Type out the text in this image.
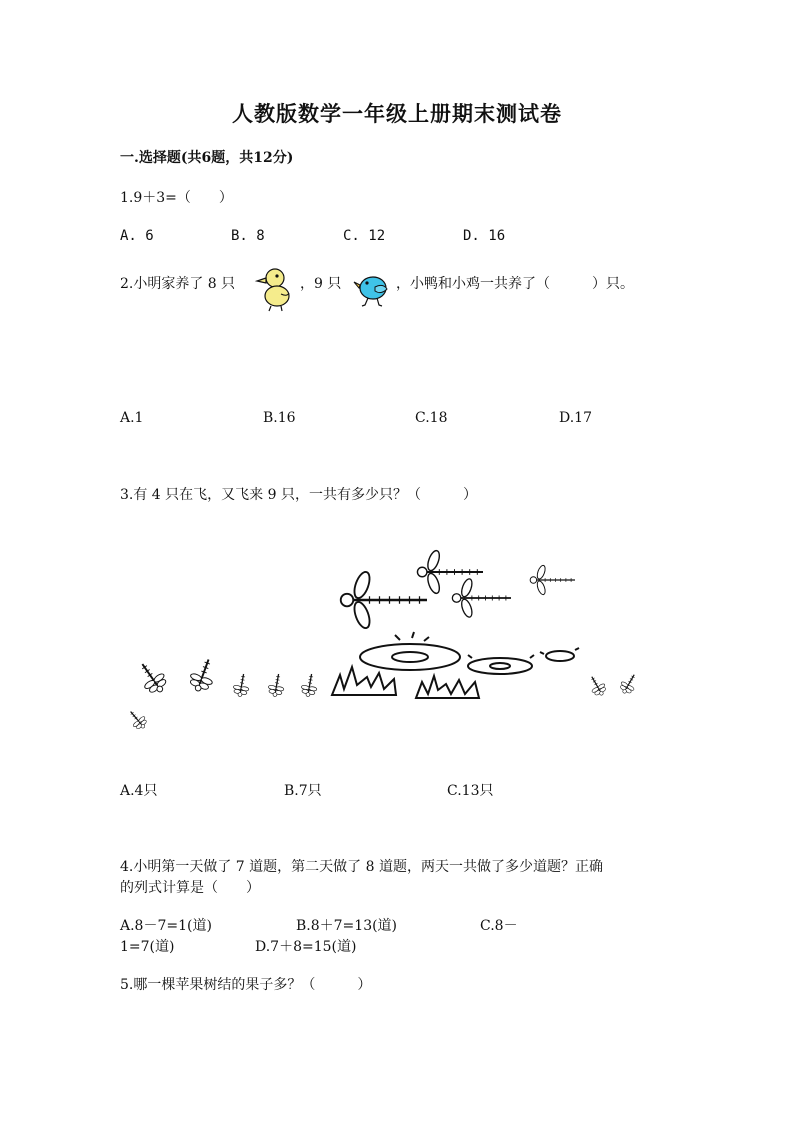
人教版数学一年级上册期末测试卷
一.选择题(共6题，共12分)
1.9＋3=（　　）
A. 6	B. 8	C. 12	D. 16
2.小明家养了 8 只	，9 只	，小鸭和小鸡一共养了（　　　）只。
A.1	B.16	C.18	D.17
3.有 4 只在飞，又飞来 9 只，一共有多少只？（　　　）
A.4只	B.7只	C.13只
4.小明第一天做了 7 道题，第二天做了 8 道题，两天一共做了多少道题？正确
的列式计算是（　　）
A.8－7=1(道)	B.8＋7=13(道)	C.8－
1=7(道)	D.7＋8=15(道)
5.哪一棵苹果树结的果子多？（　　　）
